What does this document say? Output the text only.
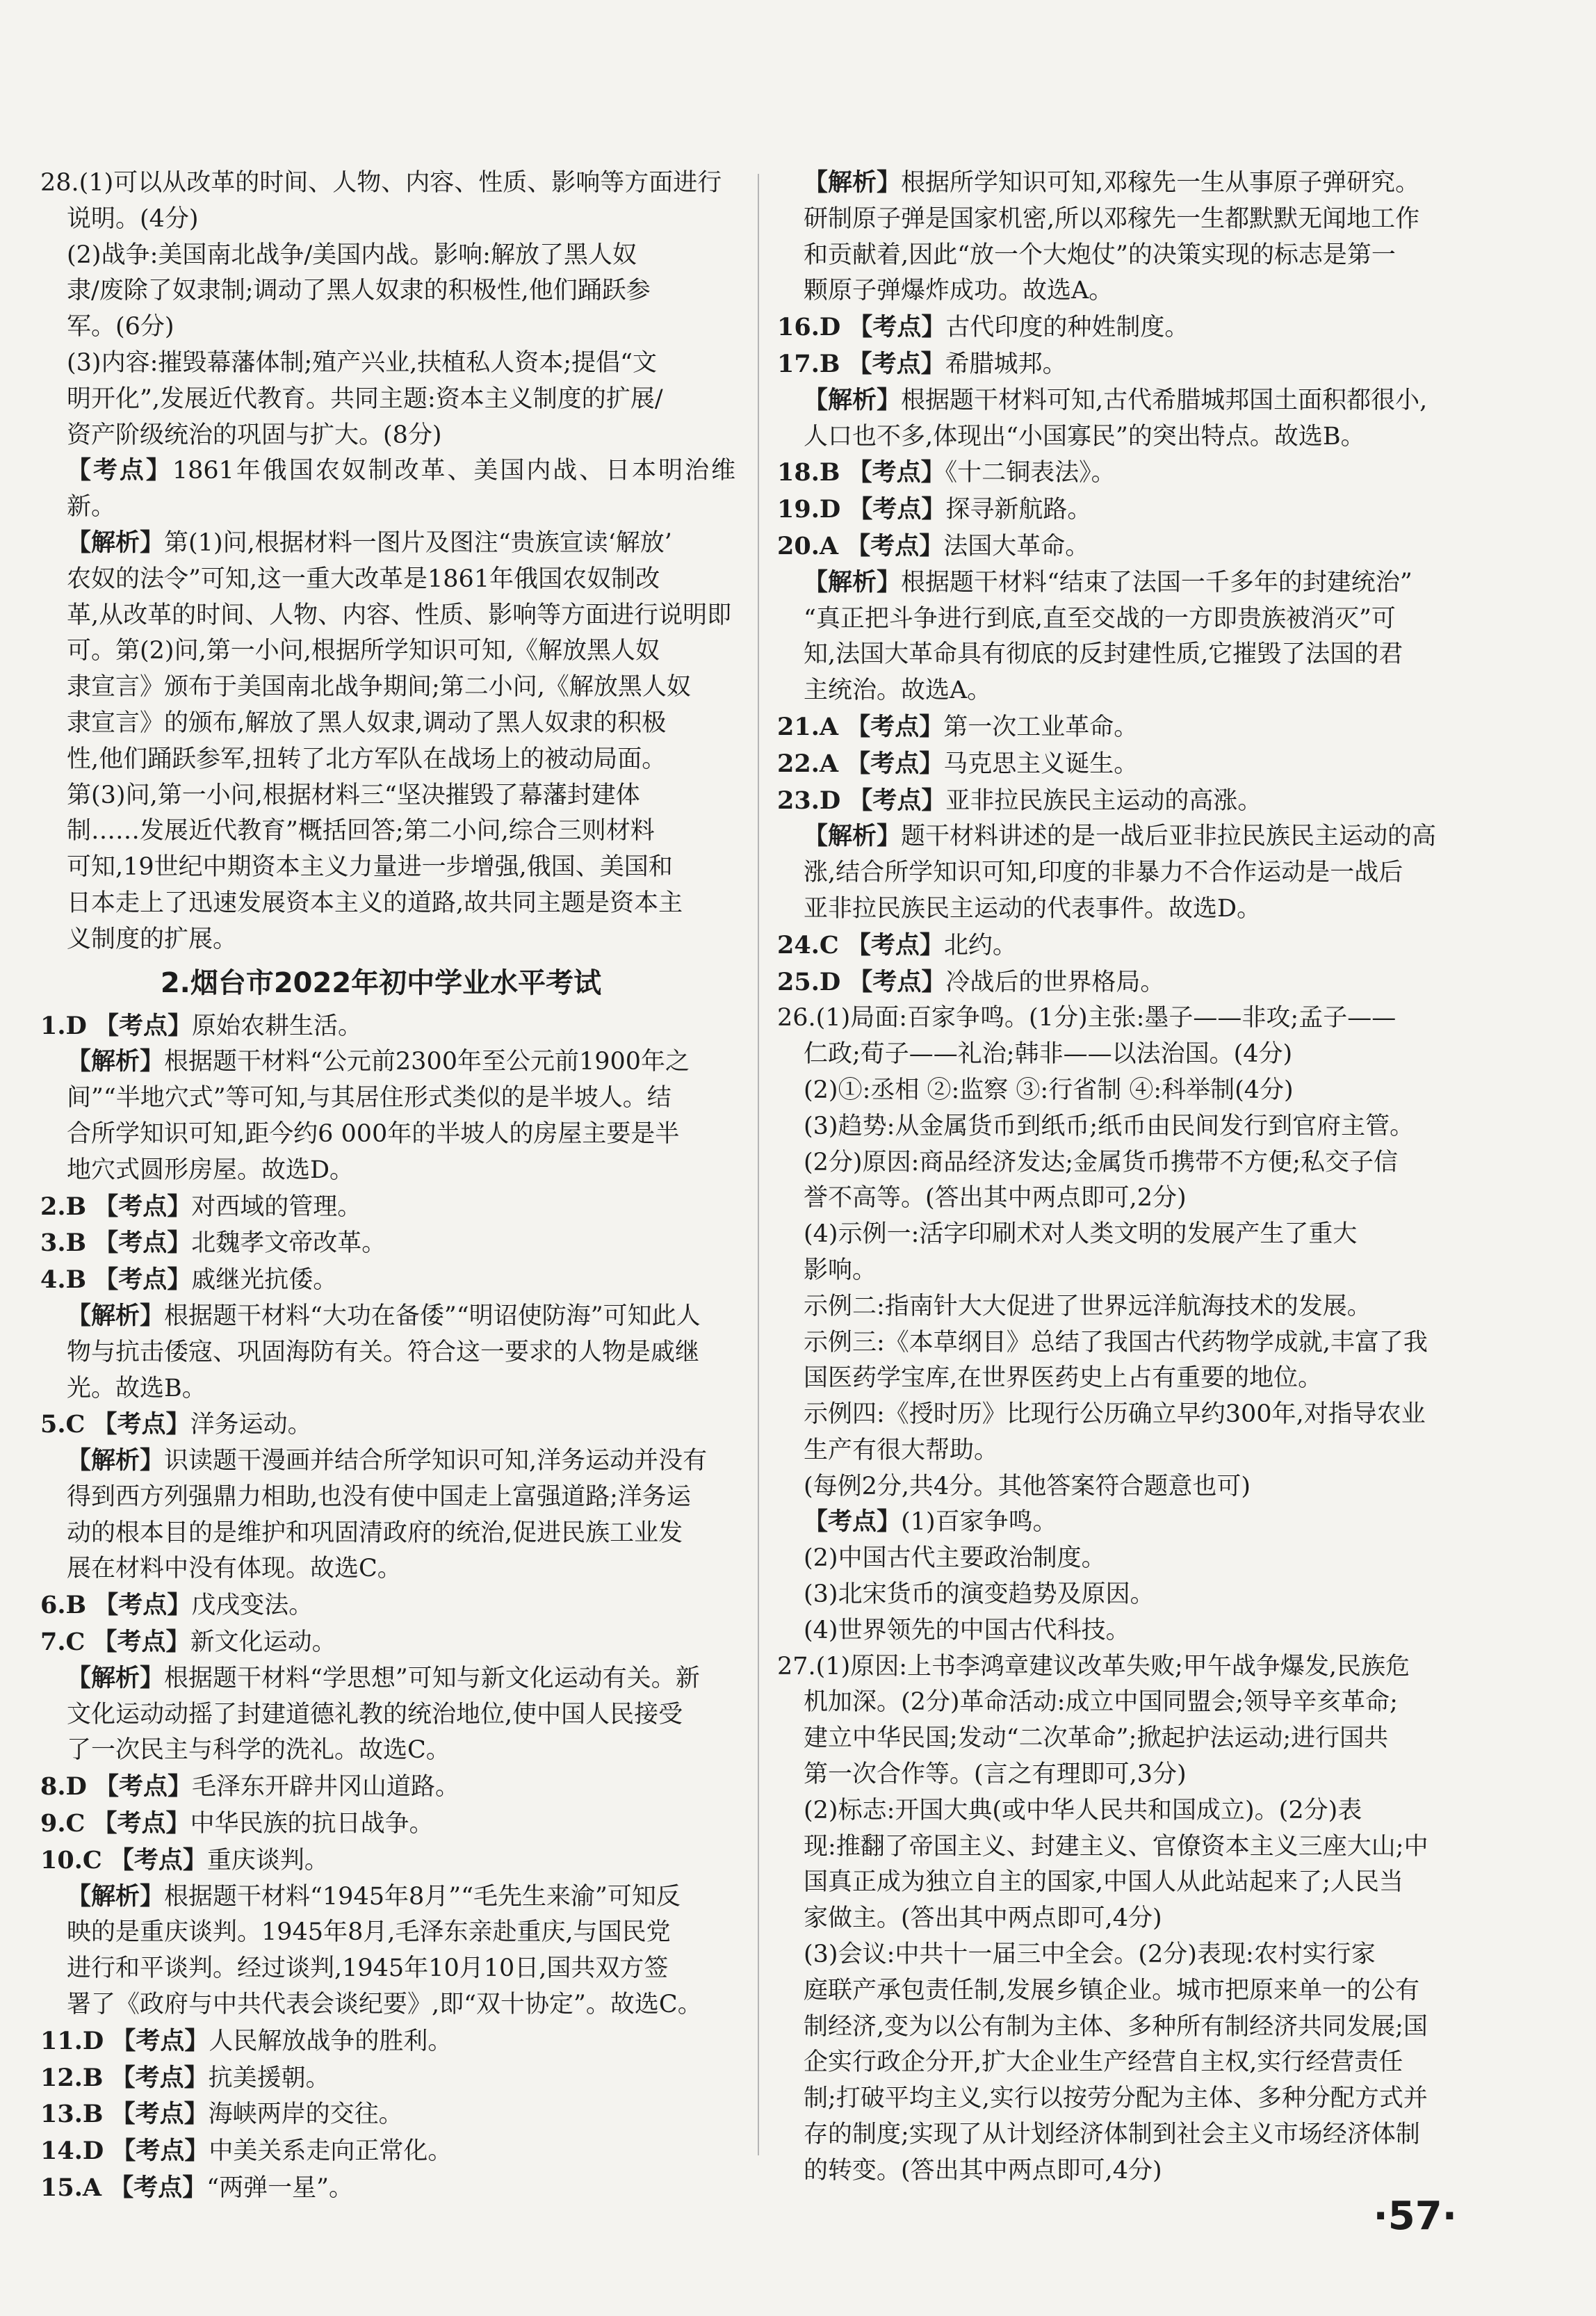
28.(1)可以从改革的时间、人物、内容、性质、影响等方面进行

说明。(4分)

(2)战争:美国南北战争/美国内战。影响:解放了黑人奴

隶/废除了奴隶制;调动了黑人奴隶的积极性,他们踊跃参

军。(6分)

(3)内容:摧毁幕藩体制;殖产兴业,扶植私人资本;提倡“文

明开化”,发展近代教育。共同主题:资本主义制度的扩展/

资产阶级统治的巩固与扩大。(8分)

【考点】1861年俄国农奴制改革、美国内战、日本明治维新。

【解析】第(1)问,根据材料一图片及图注“贵族宣读‘解放’

农奴的法令”可知,这一重大改革是1861年俄国农奴制改

革,从改革的时间、人物、内容、性质、影响等方面进行说明即

可。第(2)问,第一小问,根据所学知识可知,《解放黑人奴

隶宣言》颁布于美国南北战争期间;第二小问,《解放黑人奴

隶宣言》的颁布,解放了黑人奴隶,调动了黑人奴隶的积极

性,他们踊跃参军,扭转了北方军队在战场上的被动局面。

第(3)问,第一小问,根据材料三“坚决摧毁了幕藩封建体

制……发展近代教育”概括回答;第二小问,综合三则材料

可知,19世纪中期资本主义力量进一步增强,俄国、美国和

日本走上了迅速发展资本主义的道路,故共同主题是资本主

义制度的扩展。

2.烟台市2022年初中学业水平考试

1.D 【考点】原始农耕生活。

【解析】根据题干材料“公元前2300年至公元前1900年之

间”“半地穴式”等可知,与其居住形式类似的是半坡人。结

合所学知识可知,距今约6 000年的半坡人的房屋主要是半

地穴式圆形房屋。故选D。

2.B 【考点】对西域的管理。

3.B 【考点】北魏孝文帝改革。

4.B 【考点】戚继光抗倭。

【解析】根据题干材料“大功在备倭”“明诏使防海”可知此人

物与抗击倭寇、巩固海防有关。符合这一要求的人物是戚继

光。故选B。

5.C 【考点】洋务运动。

【解析】识读题干漫画并结合所学知识可知,洋务运动并没有

得到西方列强鼎力相助,也没有使中国走上富强道路;洋务运

动的根本目的是维护和巩固清政府的统治,促进民族工业发

展在材料中没有体现。故选C。

6.B 【考点】戊戌变法。

7.C 【考点】新文化运动。

【解析】根据题干材料“学思想”可知与新文化运动有关。新

文化运动动摇了封建道德礼教的统治地位,使中国人民接受

了一次民主与科学的洗礼。故选C。

8.D 【考点】毛泽东开辟井冈山道路。

9.C 【考点】中华民族的抗日战争。

10.C 【考点】重庆谈判。

【解析】根据题干材料“1945年8月”“毛先生来渝”可知反

映的是重庆谈判。1945年8月,毛泽东亲赴重庆,与国民党

进行和平谈判。经过谈判,1945年10月10日,国共双方签

署了《政府与中共代表会谈纪要》,即“双十协定”。故选C。

11.D 【考点】人民解放战争的胜利。

12.B 【考点】抗美援朝。

13.B 【考点】海峡两岸的交往。

14.D 【考点】中美关系走向正常化。

15.A 【考点】“两弹一星”。

【解析】根据所学知识可知,邓稼先一生从事原子弹研究。

研制原子弹是国家机密,所以邓稼先一生都默默无闻地工作

和贡献着,因此“放一个大炮仗”的决策实现的标志是第一

颗原子弹爆炸成功。故选A。

16.D 【考点】古代印度的种姓制度。

17.B 【考点】希腊城邦。

【解析】根据题干材料可知,古代希腊城邦国土面积都很小,

人口也不多,体现出“小国寡民”的突出特点。故选B。

18.B 【考点】《十二铜表法》。

19.D 【考点】探寻新航路。

20.A 【考点】法国大革命。

【解析】根据题干材料“结束了法国一千多年的封建统治”

“真正把斗争进行到底,直至交战的一方即贵族被消灭”可

知,法国大革命具有彻底的反封建性质,它摧毁了法国的君

主统治。故选A。

21.A 【考点】第一次工业革命。

22.A 【考点】马克思主义诞生。

23.D 【考点】亚非拉民族民主运动的高涨。

【解析】题干材料讲述的是一战后亚非拉民族民主运动的高

涨,结合所学知识可知,印度的非暴力不合作运动是一战后

亚非拉民族民主运动的代表事件。故选D。

24.C 【考点】北约。

25.D 【考点】冷战后的世界格局。

26.(1)局面:百家争鸣。(1分)主张:墨子——非攻;孟子——

仁政;荀子——礼治;韩非——以法治国。(4分)

(2)①:丞相 ②:监察 ③:行省制 ④:科举制(4分)

(3)趋势:从金属货币到纸币;纸币由民间发行到官府主管。

(2分)原因:商品经济发达;金属货币携带不方便;私交子信

誉不高等。(答出其中两点即可,2分)

(4)示例一:活字印刷术对人类文明的发展产生了重大

影响。

示例二:指南针大大促进了世界远洋航海技术的发展。

示例三:《本草纲目》总结了我国古代药物学成就,丰富了我

国医药学宝库,在世界医药史上占有重要的地位。

示例四:《授时历》比现行公历确立早约300年,对指导农业

生产有很大帮助。

(每例2分,共4分。其他答案符合题意也可)

【考点】(1)百家争鸣。

(2)中国古代主要政治制度。

(3)北宋货币的演变趋势及原因。

(4)世界领先的中国古代科技。

27.(1)原因:上书李鸿章建议改革失败;甲午战争爆发,民族危

机加深。(2分)革命活动:成立中国同盟会;领导辛亥革命;

建立中华民国;发动“二次革命”;掀起护法运动;进行国共

第一次合作等。(言之有理即可,3分)

(2)标志:开国大典(或中华人民共和国成立)。(2分)表

现:推翻了帝国主义、封建主义、官僚资本主义三座大山;中

国真正成为独立自主的国家,中国人从此站起来了;人民当

家做主。(答出其中两点即可,4分)

(3)会议:中共十一届三中全会。(2分)表现:农村实行家

庭联产承包责任制,发展乡镇企业。城市把原来单一的公有

制经济,变为以公有制为主体、多种所有制经济共同发展;国

企实行政企分开,扩大企业生产经营自主权,实行经营责任

制;打破平均主义,实行以按劳分配为主体、多种分配方式并

存的制度;实现了从计划经济体制到社会主义市场经济体制

的转变。(答出其中两点即可,4分)

·57·
